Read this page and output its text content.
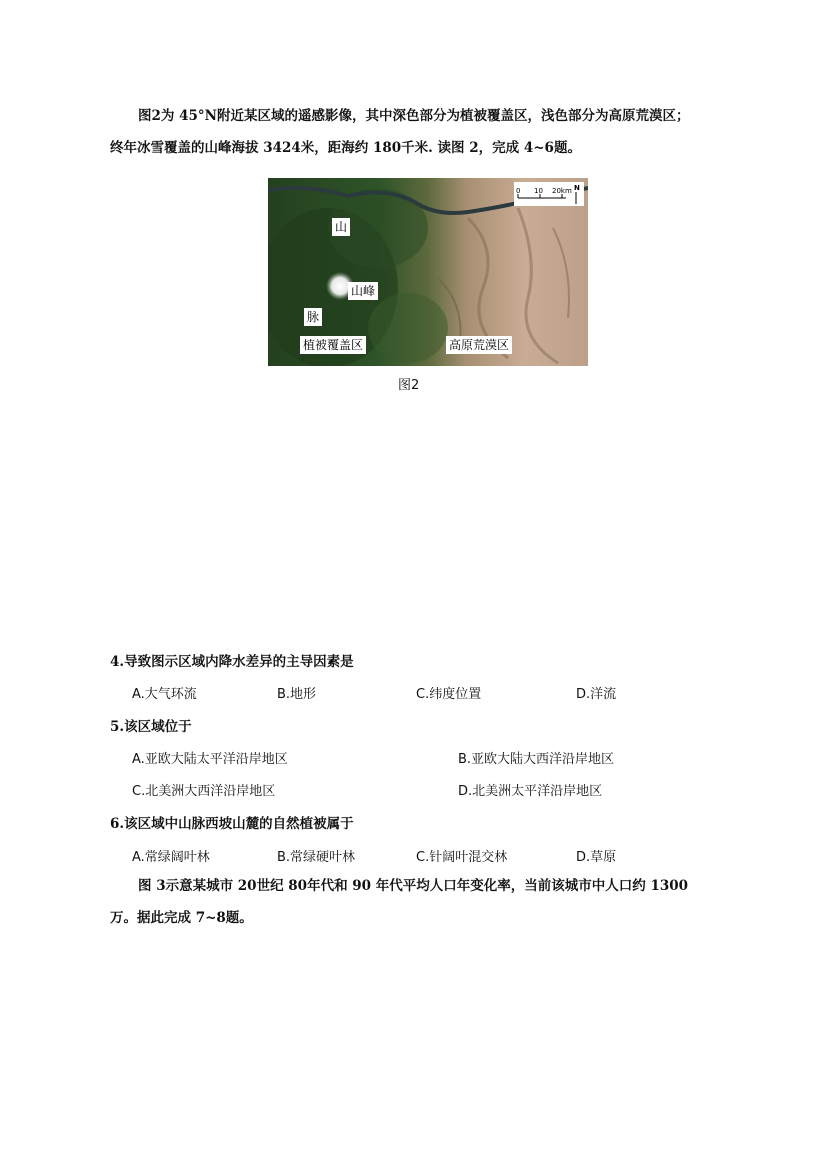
图2为 45°N附近某区域的遥感影像，其中深色部分为植被覆盖区，浅色部分为高原荒漠区；
终年冰雪覆盖的山峰海拔 3424米，距海约 180千米. 读图 2，完成 4~6题。
山
山峰
脉
植被覆盖区	高原荒漠区
0 10 20km N
图2
4.导致图示区域内降水差异的主导因素是
A.大气环流	B.地形	C.纬度位置	D.洋流
5.该区域位于
A.亚欧大陆太平洋沿岸地区	B.亚欧大陆大西洋沿岸地区
C.北美洲大西洋沿岸地区	D.北美洲太平洋沿岸地区
6.该区域中山脉西坡山麓的自然植被属于
A.常绿阔叶林	B.常绿硬叶林	C.针阔叶混交林	D.草原
图 3示意某城市 20世纪 80年代和 90 年代平均人口年变化率，当前该城市中人口约 1300
万。据此完成 7~8题。
